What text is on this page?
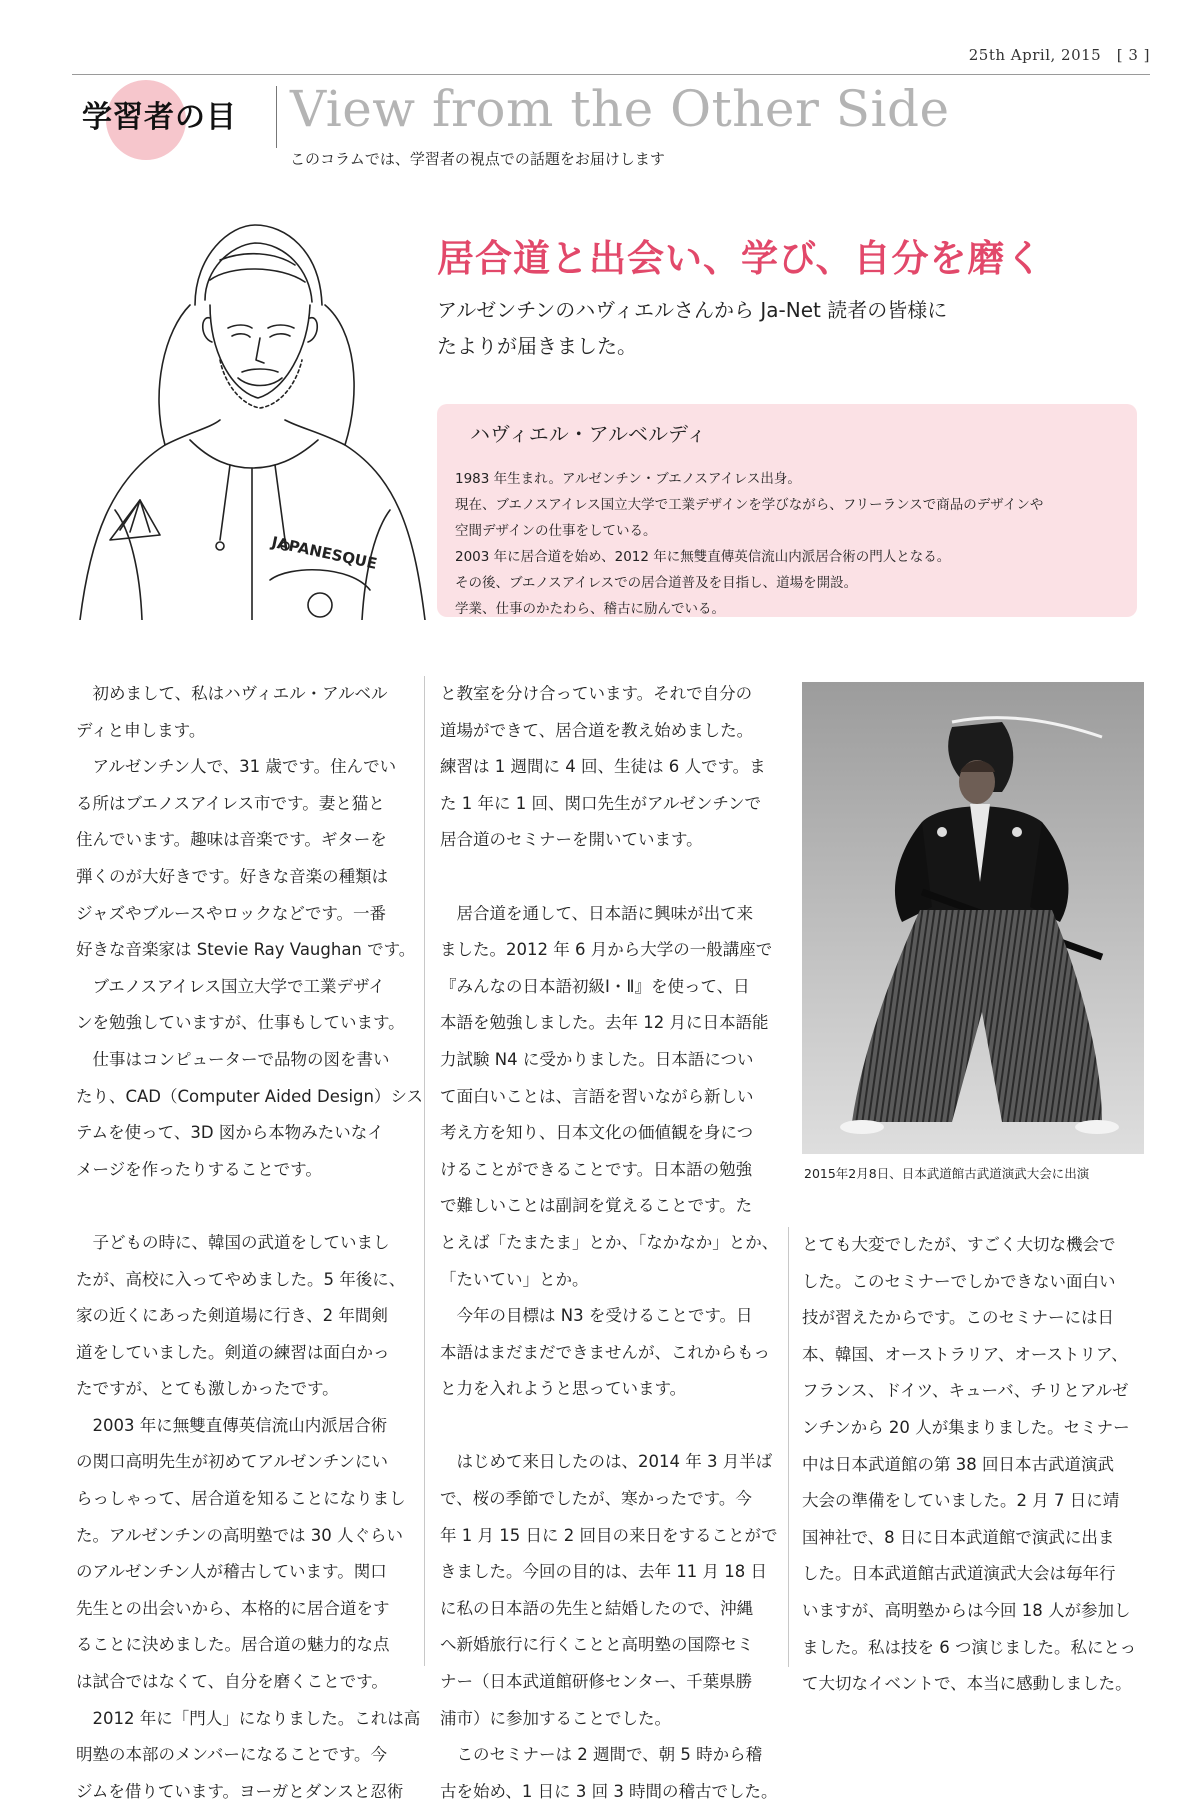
25th April, 2015　[ 3 ]
学習者の目 View from the Other Side
このコラムでは、学習者の視点での話題をお届けします
JAPANESQUE
居合道と出会い、学び、自分を磨く
アルゼンチンのハヴィエルさんから Ja-Net 読者の皆様に
たよりが届きました。
ハヴィエル・アルベルディ
1983 年生まれ。アルゼンチン・ブエノスアイレス出身。
現在、ブエノスアイレス国立大学で工業デザインを学びながら、フリーランスで商品のデザインや
空間デザインの仕事をしている。
2003 年に居合道を始め、2012 年に無雙直傳英信流山内派居合術の門人となる。
その後、ブエノスアイレスでの居合道普及を目指し、道場を開設。
学業、仕事のかたわら、稽古に励んでいる。
　初めまして、私はハヴィエル・アルベル
ディと申します。
　アルゼンチン人で、31 歳です。住んでい
る所はブエノスアイレス市です。妻と猫と
住んでいます。趣味は音楽です。ギターを
弾くのが大好きです。好きな音楽の種類は
ジャズやブルースやロックなどです。一番
好きな音楽家は Stevie Ray Vaughan です。
　ブエノスアイレス国立大学で工業デザイ
ンを勉強していますが、仕事もしています。
　仕事はコンピューターで品物の図を書い
たり、CAD（Computer Aided Design）シス
テムを使って、3D 図から本物みたいなイ
メージを作ったりすることです。
　子どもの時に、韓国の武道をしていまし
たが、高校に入ってやめました。5 年後に、
家の近くにあった剣道場に行き、2 年間剣
道をしていました。剣道の練習は面白かっ
たですが、とても激しかったです。
　2003 年に無雙直傳英信流山内派居合術
の関口高明先生が初めてアルゼンチンにい
らっしゃって、居合道を知ることになりまし
た。アルゼンチンの高明塾では 30 人ぐらい
のアルゼンチン人が稽古しています。関口
先生との出会いから、本格的に居合道をす
ることに決めました。居合道の魅力的な点
は試合ではなくて、自分を磨くことです。
　2012 年に「門人」になりました。これは高
明塾の本部のメンバーになることです。今
ジムを借りています。ヨーガとダンスと忍術
と教室を分け合っています。それで自分の
道場ができて、居合道を教え始めました。
練習は 1 週間に 4 回、生徒は 6 人です。ま
た 1 年に 1 回、関口先生がアルゼンチンで
居合道のセミナーを開いています。
　居合道を通して、日本語に興味が出て来
ました。2012 年 6 月から大学の一般講座で
『みんなの日本語初級Ⅰ・Ⅱ』を使って、日
本語を勉強しました。去年 12 月に日本語能
力試験 N4 に受かりました。日本語につい
て面白いことは、言語を習いながら新しい
考え方を知り、日本文化の価値観を身につ
けることができることです。日本語の勉強
で難しいことは副詞を覚えることです。た
とえば「たまたま」とか、「なかなか」とか、
「たいてい」とか。
　今年の目標は N3 を受けることです。日
本語はまだまだできませんが、これからもっ
と力を入れようと思っています。
　はじめて来日したのは、2014 年 3 月半ば
で、桜の季節でしたが、寒かったです。今
年 1 月 15 日に 2 回目の来日をすることがで
きました。今回の目的は、去年 11 月 18 日
に私の日本語の先生と結婚したので、沖縄
へ新婚旅行に行くことと高明塾の国際セミ
ナー（日本武道館研修センター、千葉県勝
浦市）に参加することでした。
　このセミナーは 2 週間で、朝 5 時から稽
古を始め、1 日に 3 回 3 時間の稽古でした。
とても大変でしたが、すごく大切な機会で
した。このセミナーでしかできない面白い
技が習えたからです。このセミナーには日
本、韓国、オーストラリア、オーストリア、
フランス、ドイツ、キューバ、チリとアルゼ
ンチンから 20 人が集まりました。セミナー
中は日本武道館の第 38 回日本古武道演武
大会の準備をしていました。2 月 7 日に靖
国神社で、8 日に日本武道館で演武に出ま
した。日本武道館古武道演武大会は毎年行
いますが、高明塾からは今回 18 人が参加し
ました。私は技を 6 つ演じました。私にとっ
て大切なイベントで、本当に感動しました。
2015年2月8日、日本武道館古武道演武大会に出演
